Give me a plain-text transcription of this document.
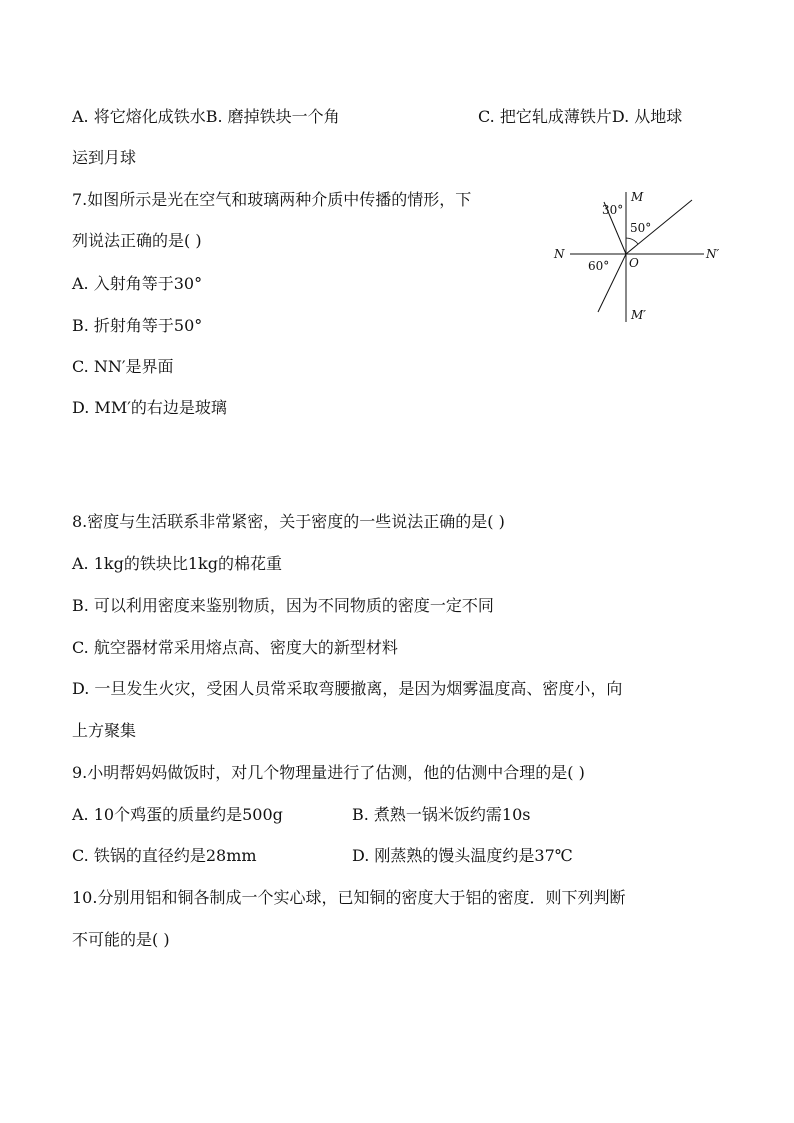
A. 将它熔化成铁水B. 磨掉铁块一个角	C. 把它轧成薄铁片D. 从地球
运到月球
7.如图所示是光在空气和玻璃两种介质中传播的情形，下
列说法正确的是( )
A. 入射角等于30°
B. 折射角等于50°
C. NN′是界面
D. MM′的右边是玻璃
M
M′
N	N′
O
30°
50°
60°
8.密度与生活联系非常紧密，关于密度的一些说法正确的是( )
A. 1kg的铁块比1kg的棉花重
B. 可以利用密度来鉴别物质，因为不同物质的密度一定不同
C. 航空器材常采用熔点高、密度大的新型材料
D. 一旦发生火灾，受困人员常采取弯腰撤离，是因为烟雾温度高、密度小，向
上方聚集
9.小明帮妈妈做饭时，对几个物理量进行了估测，他的估测中合理的是( )
A. 10个鸡蛋的质量约是500g	B. 煮熟一锅米饭约需10s
C. 铁锅的直径约是28mm	D. 刚蒸熟的馒头温度约是37℃
10.分别用铝和铜各制成一个实心球，已知铜的密度大于铝的密度．则下列判断
不可能的是( )
